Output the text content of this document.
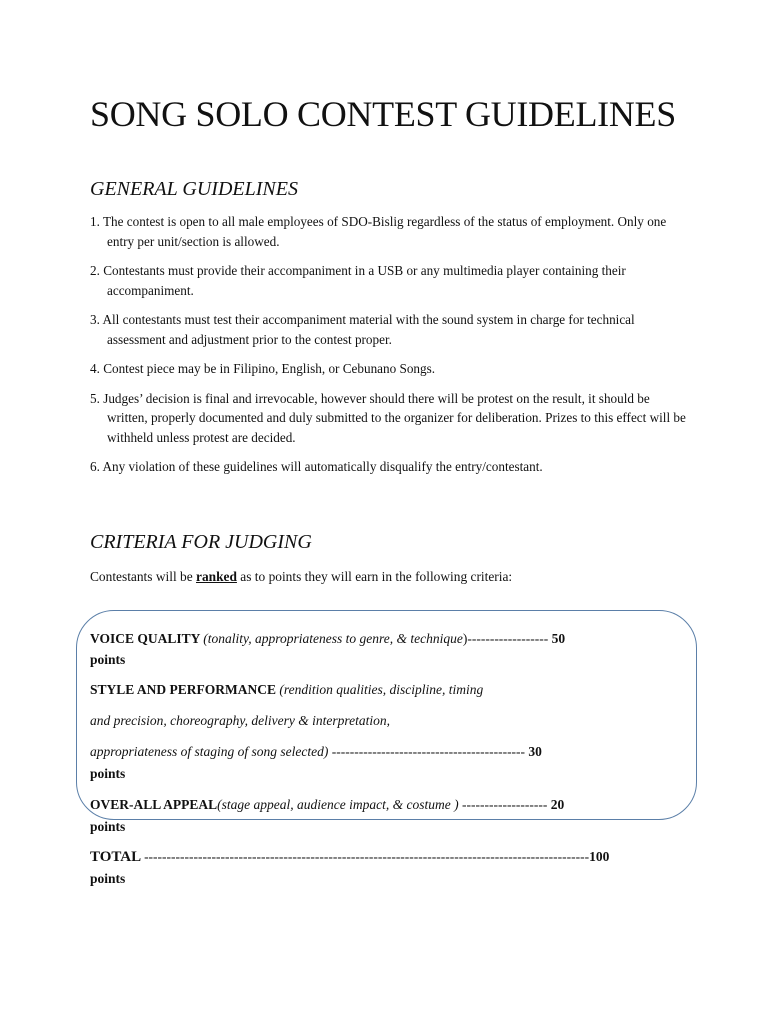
SONG SOLO CONTEST GUIDELINES
GENERAL GUIDELINES
1. The contest is open to all male employees of SDO-Bislig regardless of the status of employment. Only one entry per unit/section is allowed.
2. Contestants must provide their accompaniment in a USB or any multimedia player containing their accompaniment.
3. All contestants must test their accompaniment material with the sound system in charge for technical assessment and adjustment prior to the contest proper.
4. Contest piece may be in Filipino, English, or Cebunano Songs.
5. Judges’ decision is final and irrevocable, however should there will be protest on the result, it should be written, properly documented and duly submitted to the organizer for deliberation. Prizes to this effect will be withheld unless protest are decided.
6. Any violation of these guidelines will automatically disqualify the entry/contestant.
CRITERIA FOR JUDGING

Contestants will be ranked as to points they will earn in the following criteria:

VOICE QUALITY (tonality, appropriateness to genre, & technique)------------------ 50

points

STYLE AND PERFORMANCE (rendition qualities, discipline, timing

and precision, choreography, delivery & interpretation,

appropriateness of staging of song selected) ------------------------------------------- 30

points

OVER-ALL APPEAL(stage appeal, audience impact, & costume ) ------------------- 20

points

TOTAL ---------------------------------------------------------------------------------------------------100

points
